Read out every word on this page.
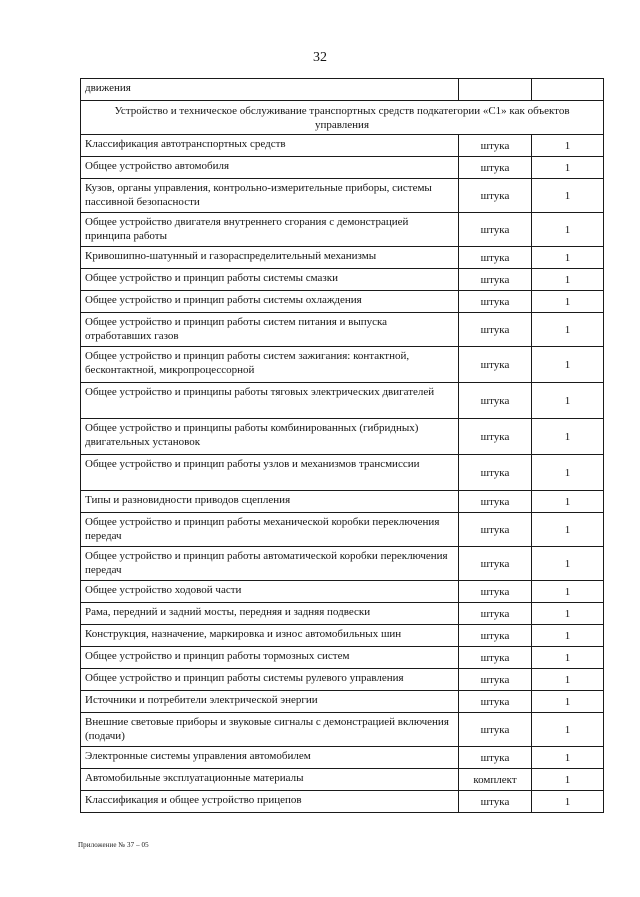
32
движения		
Устройство и техническое обслуживание транспортных средств подкатегории «C1» как объектов управления		
Классификация автотранспортных средств	штука	1
Общее устройство автомобиля	штука	1
Кузов, органы управления, контрольно-измерительные приборы, системы пассивной безопасности	штука	1
Общее устройство двигателя внутреннего сгорания с демонстрацией принципа работы	штука	1
Кривошипно-шатунный и газораспределительный механизмы	штука	1
Общее устройство и принцип работы системы смазки	штука	1
Общее устройство и принцип работы системы охлаждения	штука	1
Общее устройство и принцип работы систем питания и выпуска отработавших газов	штука	1
Общее устройство и принцип работы систем зажигания: контактной, бесконтактной, микропроцессорной	штука	1
Общее устройство и принципы работы тяговых электрических двигателей	штука	1
Общее устройство и принципы работы комбинированных (гибридных) двигательных установок	штука	1
Общее устройство и принцип работы узлов и механизмов трансмиссии	штука	1
Типы и разновидности приводов сцепления	штука	1
Общее устройство и принцип работы механической коробки переключения передач	штука	1
Общее устройство и принцип работы автоматической коробки переключения передач	штука	1
Общее устройство ходовой части	штука	1
Рама, передний и задний мосты, передняя и задняя подвески	штука	1
Конструкция, назначение, маркировка и износ автомобильных шин	штука	1
Общее устройство и принцип работы тормозных систем	штука	1
Общее устройство и принцип работы системы рулевого управления	штука	1
Источники и потребители электрической энергии	штука	1
Внешние световые приборы и звуковые сигналы с демонстрацией включения (подачи)	штука	1
Электронные системы управления автомобилем	штука	1
Автомобильные эксплуатационные материалы	комплект	1
Классификация и общее устройство прицепов	штука	1
Приложение № 37 – 05
